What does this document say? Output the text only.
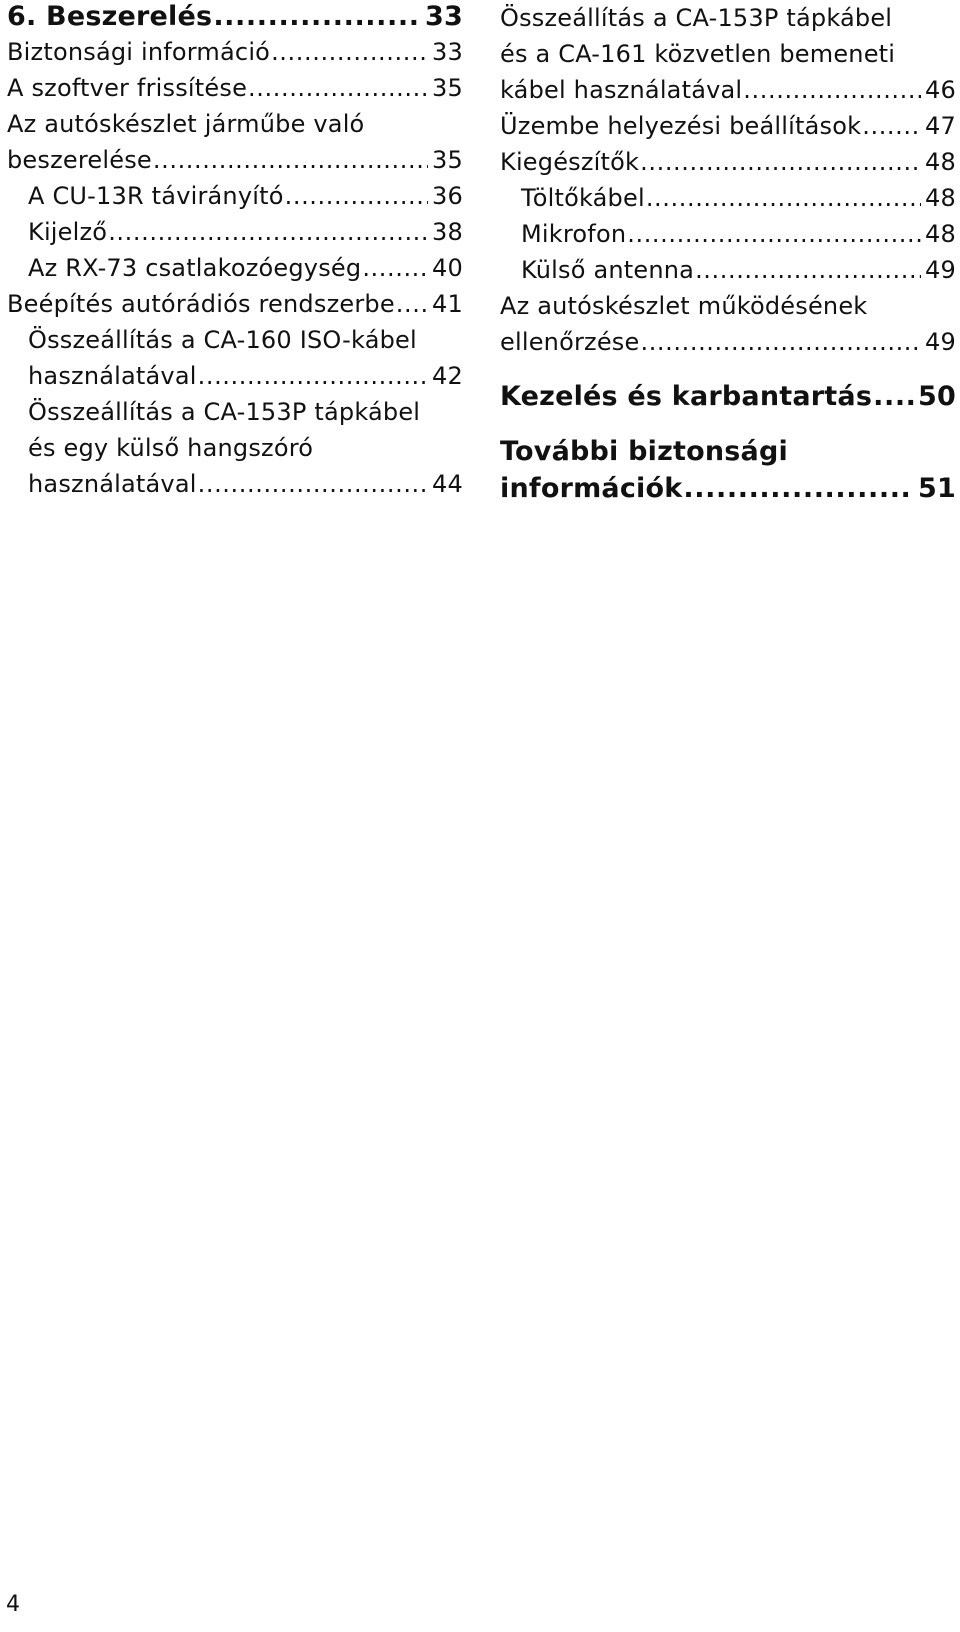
6. Beszerelés .....	33
Biztonsági információ .....	33
A szoftver frissítése .....	35
Az autóskészlet járműbe való
beszerelése .....	35
A CU-13R távirányító .....	36
Kijelző .....	38
Az RX-73 csatlakozóegység .....	40
Beépítés autórádiós rendszerbe ..... 41
Összeállítás a CA-160 ISO-kábel
használatával .....	42
Összeállítás a CA-153P tápkábel
és egy külső hangszóró
használatával .....	44
Összeállítás a CA-153P tápkábel
és a CA-161 közvetlen bemeneti
kábel használatával .....	46
Üzembe helyezési beállítások .....	47
Kiegészítők .....	48
Töltőkábel .....	48
Mikrofon .....	48
Külső antenna .....	49
Az autóskészlet működésének
ellenőrzése .....	49
Kezelés és karbantartás ..... 50
További biztonsági
információk .....	51
4
